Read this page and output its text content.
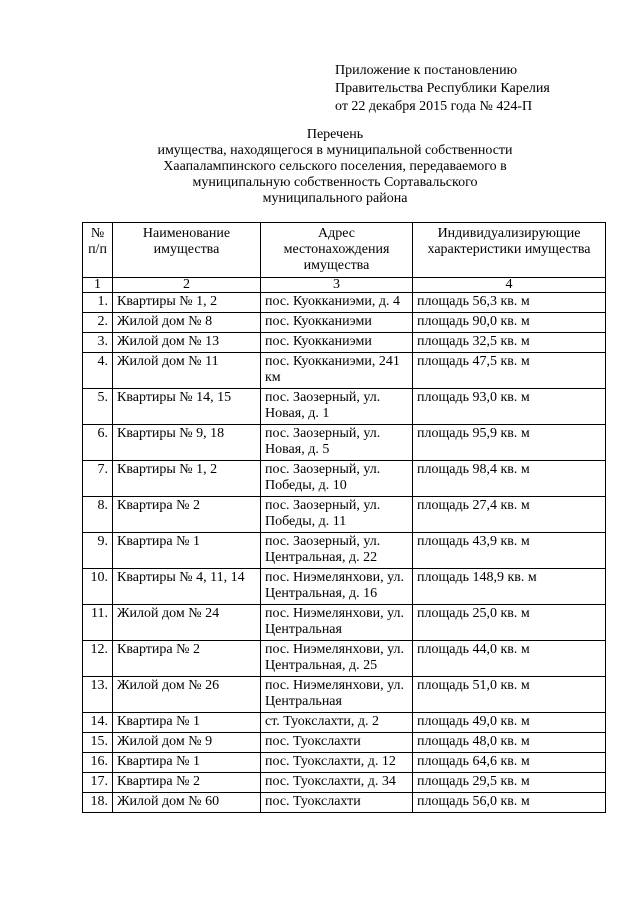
Приложение к постановлению
Правительства Республики Карелия
от 22 декабря 2015 года № 424-П
Перечень
имущества, находящегося в муниципальной собственности
Хаапалампинского сельского поселения, передаваемого в
муниципальную собственность Сортавальского
муниципального района
№ п/п	Наименование имущества	Адрес местонахождения имущества	Индивидуализирующие характеристики имущества
1	2	3	4
1.	Квартиры № 1, 2	пос. Куокканиэми, д. 4	площадь 56,3 кв. м
2.	Жилой дом № 8	пос. Куокканиэми	площадь 90,0 кв. м
3.	Жилой дом № 13	пос. Куокканиэми	площадь 32,5 кв. м
4.	Жилой дом № 11	пос. Куокканиэми, 241 км	площадь 47,5 кв. м
5.	Квартиры № 14, 15	пос. Заозерный, ул. Новая, д. 1	площадь 93,0 кв. м
6.	Квартиры № 9, 18	пос. Заозерный, ул. Новая, д. 5	площадь 95,9 кв. м
7.	Квартиры № 1, 2	пос. Заозерный, ул. Победы, д. 10	площадь 98,4 кв. м
8.	Квартира № 2	пос. Заозерный, ул. Победы, д. 11	площадь 27,4 кв. м
9.	Квартира № 1	пос. Заозерный, ул. Центральная, д. 22	площадь 43,9 кв. м
10.	Квартиры № 4, 11, 14	пос. Ниэмелянхови, ул. Центральная, д. 16	площадь 148,9 кв. м
11.	Жилой дом № 24	пос. Ниэмелянхови, ул. Центральная	площадь 25,0 кв. м
12.	Квартира № 2	пос. Ниэмелянхови, ул. Центральная, д. 25	площадь 44,0 кв. м
13.	Жилой дом № 26	пос. Ниэмелянхови, ул. Центральная	площадь 51,0 кв. м
14.	Квартира № 1	ст. Туокслахти, д. 2	площадь 49,0 кв. м
15.	Жилой дом № 9	пос. Туокслахти	площадь 48,0 кв. м
16.	Квартира № 1	пос. Туокслахти, д. 12	площадь 64,6 кв. м
17.	Квартира № 2	пос. Туокслахти, д. 34	площадь 29,5 кв. м
18.	Жилой дом № 60	пос. Туокслахти	площадь 56,0 кв. м
